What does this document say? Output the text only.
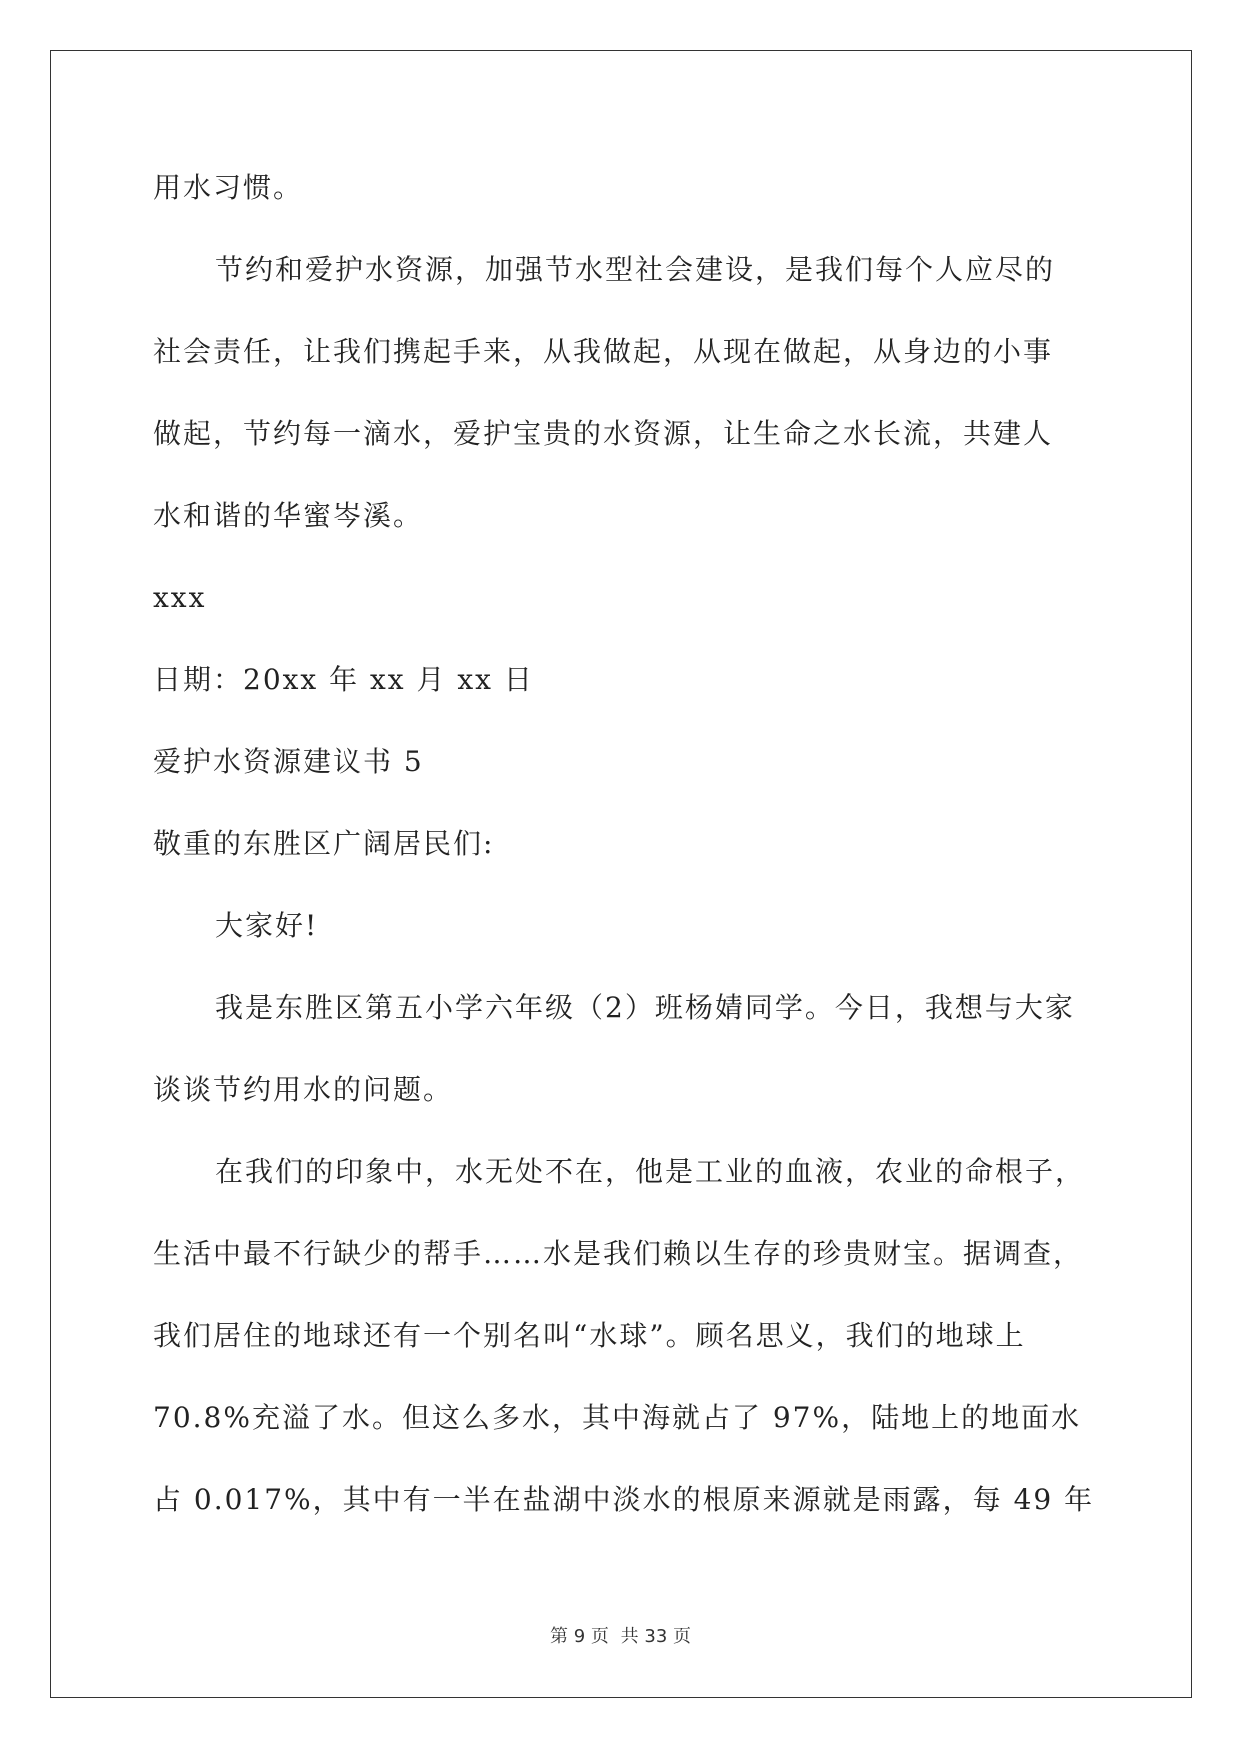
用水习惯。
节约和爱护水资源，加强节水型社会建设，是我们每个人应尽的
社会责任，让我们携起手来，从我做起，从现在做起，从身边的小事
做起，节约每一滴水，爱护宝贵的水资源，让生命之水长流，共建人
水和谐的华蜜岑溪。
xxx
日期：20xx 年 xx 月 xx 日
爱护水资源建议书 5
敬重的东胜区广阔居民们:
大家好!
我是东胜区第五小学六年级（2）班杨婧同学。今日，我想与大家
谈谈节约用水的问题。
在我们的印象中，水无处不在，他是工业的血液，农业的命根子，
生活中最不行缺少的帮手……水是我们赖以生存的珍贵财宝。据调查，
我们居住的地球还有一个别名叫“水球”。顾名思义，我们的地球上
70.8%充溢了水。但这么多水，其中海就占了 97%，陆地上的地面水
占 0.017%，其中有一半在盐湖中淡水的根原来源就是雨露，每 49 年
第 9 页 共 33 页
